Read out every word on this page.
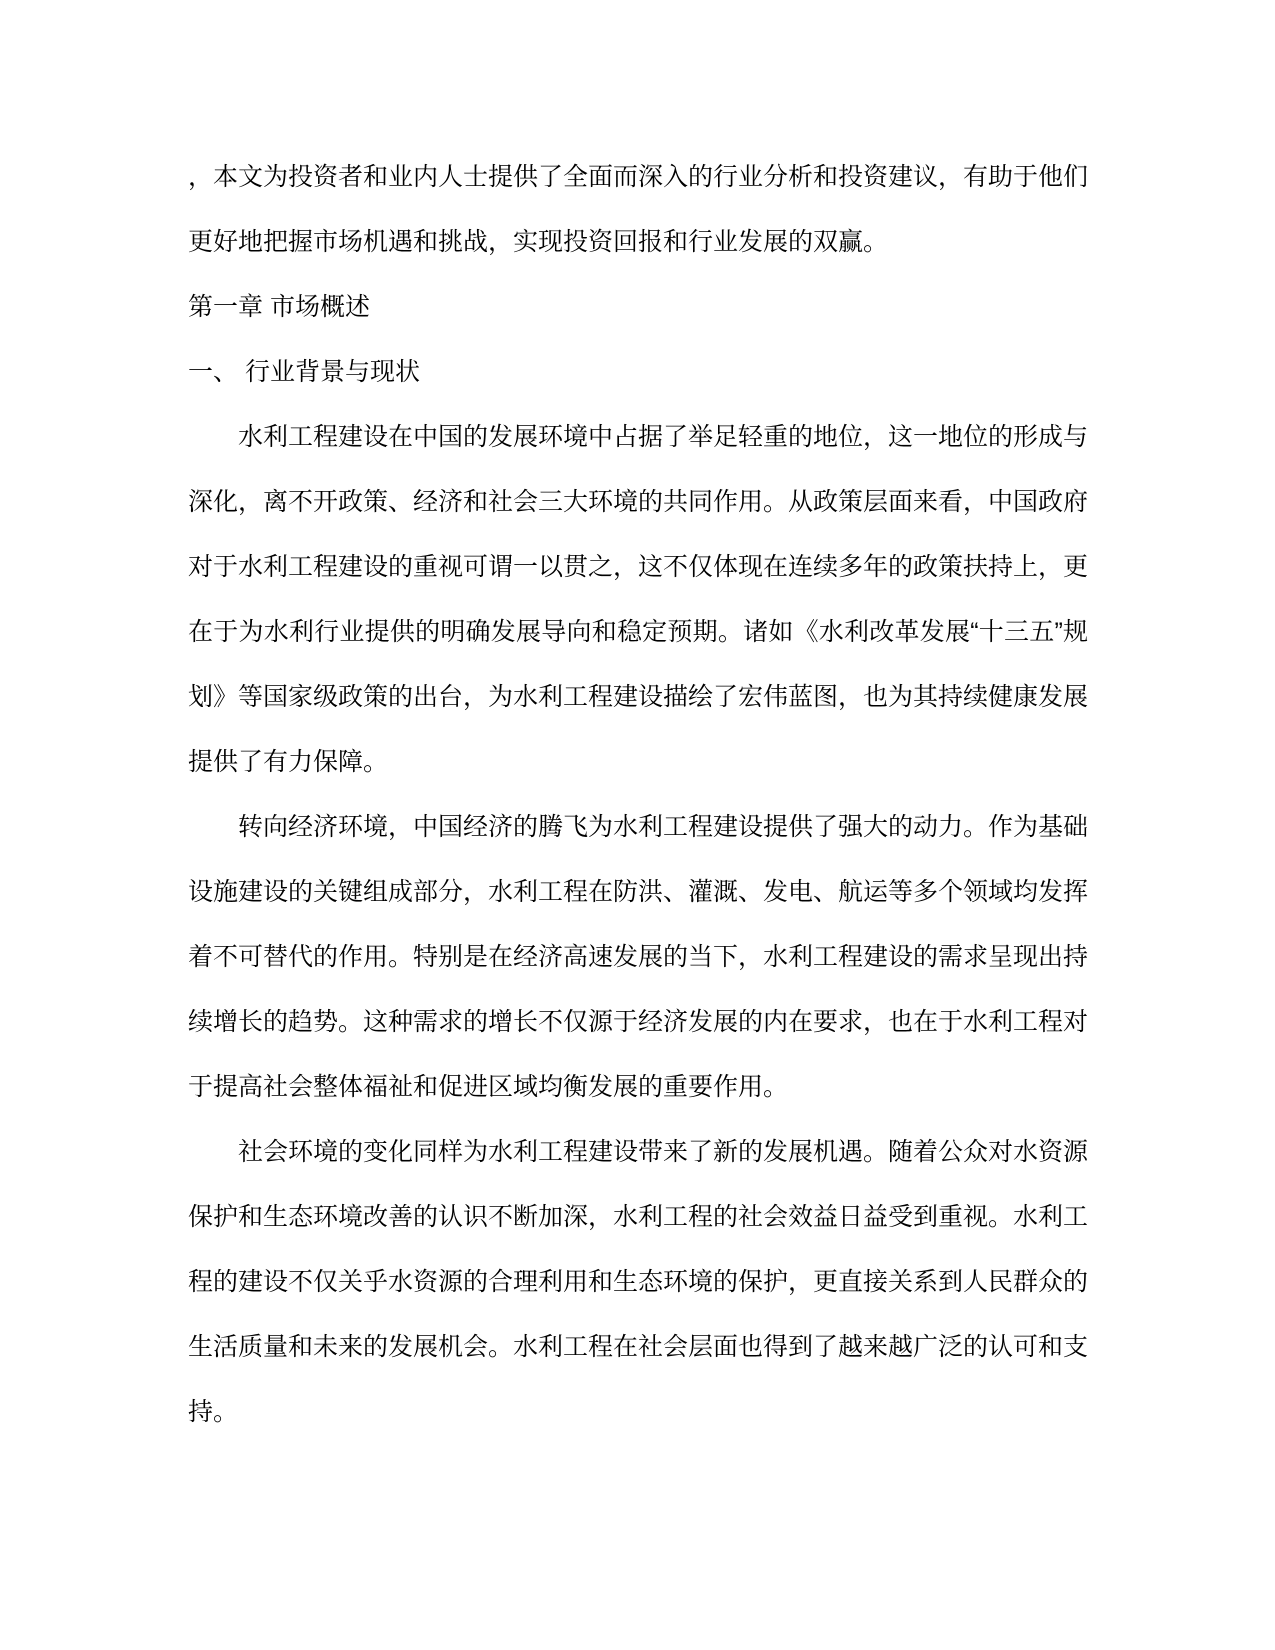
，本文为投资者和业内人士提供了全面而深入的行业分析和投资建议，有助于他们更好地把握市场机遇和挑战，实现投资回报和行业发展的双赢。

第一章 市场概述

一、 行业背景与现状

水利工程建设在中国的发展环境中占据了举足轻重的地位，这一地位的形成与深化，离不开政策、经济和社会三大环境的共同作用。从政策层面来看，中国政府对于水利工程建设的重视可谓一以贯之，这不仅体现在连续多年的政策扶持上，更在于为水利行业提供的明确发展导向和稳定预期。诸如《水利改革发展“十三五”规划》等国家级政策的出台，为水利工程建设描绘了宏伟蓝图，也为其持续健康发展提供了有力保障。

转向经济环境，中国经济的腾飞为水利工程建设提供了强大的动力。作为基础设施建设的关键组成部分，水利工程在防洪、灌溉、发电、航运等多个领域均发挥着不可替代的作用。特别是在经济高速发展的当下，水利工程建设的需求呈现出持续增长的趋势。这种需求的增长不仅源于经济发展的内在要求，也在于水利工程对于提高社会整体福祉和促进区域均衡发展的重要作用。

社会环境的变化同样为水利工程建设带来了新的发展机遇。随着公众对水资源保护和生态环境改善的认识不断加深，水利工程的社会效益日益受到重视。水利工程的建设不仅关乎水资源的合理利用和生态环境的保护，更直接关系到人民群众的生活质量和未来的发展机会。水利工程在社会层面也得到了越来越广泛的认可和支持。
